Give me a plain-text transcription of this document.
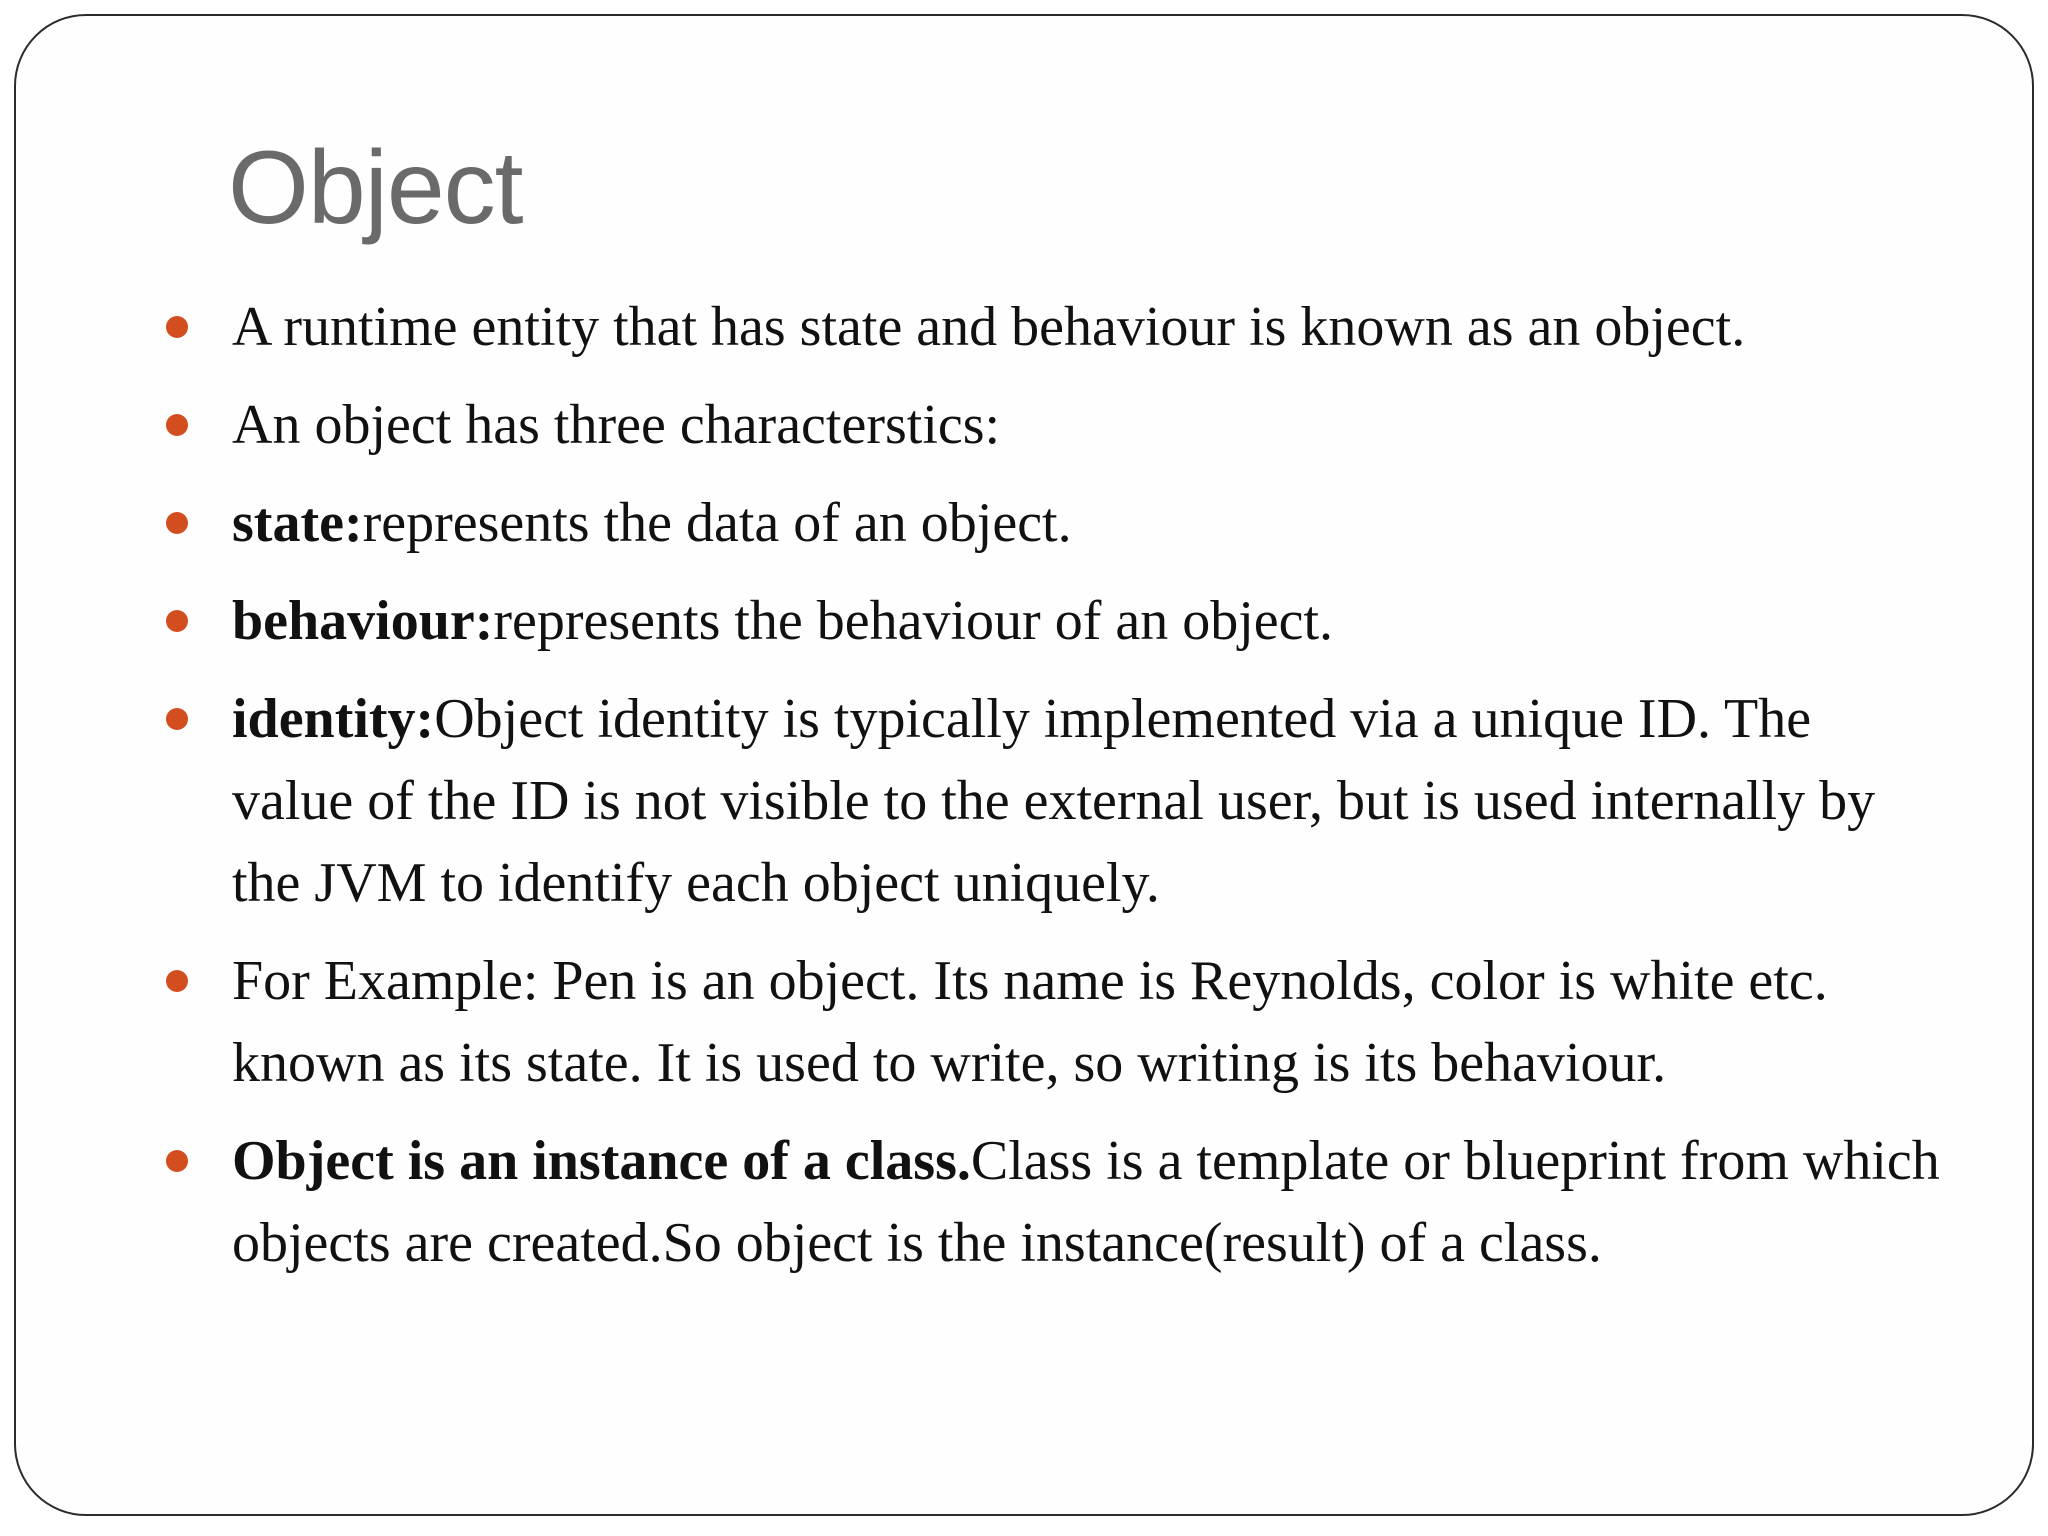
Object
A runtime entity that has state and behaviour is known as an object.
An object has three characterstics:
state:represents the data of an object.
behaviour:represents the behaviour of an object.
identity:Object identity is typically implemented via a unique ID. The value of the ID is not visible to the external user, but is used internally by the JVM to identify each object uniquely.
For Example: Pen is an object. Its name is Reynolds, color is white etc. known as its state. It is used to write, so writing is its behaviour.
Object is an instance of a class.Class is a template or blueprint from which objects are created.So object is the instance(result) of a class.
